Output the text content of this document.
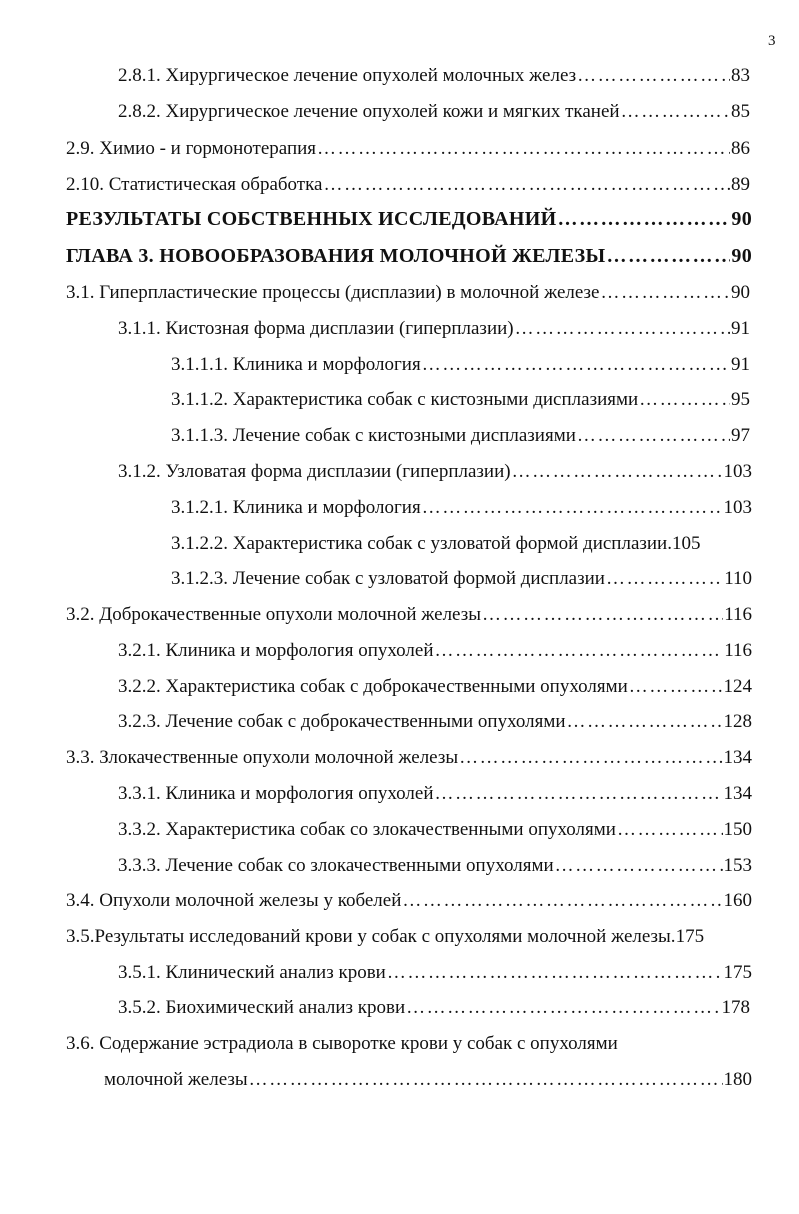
3
2.8.1. Хирургическое лечение опухолей молочных желез ………………………………………………………………………………………………………………………………………………………………………………	83
2.8.2. Хирургическое лечение опухолей кожи и мягких тканей ………………………………………………………………………………………………………………………………………………………………………………	85
2.9. Химио - и гормонотерапия ………………………………………………………………………………………………………………………………………………………………………………	86
2.10. Статистическая обработка ………………………………………………………………………………………………………………………………………………………………………………	89
РЕЗУЛЬТАТЫ СОБСТВЕННЫХ ИССЛЕДОВАНИЙ ………………………………………………………………………………………………………………………………………………………………………………	90
ГЛАВА 3. НОВООБРАЗОВАНИЯ МОЛОЧНОЙ ЖЕЛЕЗЫ ………………………………………………………………………………………………………………………………………………………………………………	90
3.1. Гиперпластические процессы (дисплазии) в молочной железе ………………………………………………………………………………………………………………………………………………………………………………	90
3.1.1. Кистозная форма дисплазии (гиперплазии) ………………………………………………………………………………………………………………………………………………………………………………	91
3.1.1.1. Клиника и морфология ………………………………………………………………………………………………………………………………………………………………………………	91
3.1.1.2. Характеристика собак с кистозными дисплазиями ………………………………………………………………………………………………………………………………………………………………………………	95
3.1.1.3. Лечение собак с кистозными дисплазиями ………………………………………………………………………………………………………………………………………………………………………………	97
3.1.2. Узловатая форма дисплазии (гиперплазии) ………………………………………………………………………………………………………………………………………………………………………………	103
3.1.2.1. Клиника и морфология ………………………………………………………………………………………………………………………………………………………………………………	103
3.1.2.2. Характеристика собак с узловатой формой дисплазии. 105
3.1.2.3. Лечение собак с узловатой формой дисплазии ………………………………………………………………………………………………………………………………………………………………………………	110
3.2. Доброкачественные опухоли молочной железы ………………………………………………………………………………………………………………………………………………………………………………	116
3.2.1. Клиника и морфология опухолей ………………………………………………………………………………………………………………………………………………………………………………	116
3.2.2. Характеристика собак с доброкачественными опухолями ………………………………………………………………………………………………………………………………………………………………………………	124
3.2.3. Лечение собак с доброкачественными опухолями ………………………………………………………………………………………………………………………………………………………………………………	128
3.3. Злокачественные опухоли молочной железы ………………………………………………………………………………………………………………………………………………………………………………	134
3.3.1. Клиника и морфология опухолей ………………………………………………………………………………………………………………………………………………………………………………	134
3.3.2. Характеристика собак со злокачественными опухолями ………………………………………………………………………………………………………………………………………………………………………………	150
3.3.3. Лечение собак со злокачественными опухолями ………………………………………………………………………………………………………………………………………………………………………………	153
3.4. Опухоли молочной железы у кобелей ………………………………………………………………………………………………………………………………………………………………………………	160
3.5.Результаты исследований крови у собак с опухолями молочной железы. 175
3.5.1. Клинический анализ крови ………………………………………………………………………………………………………………………………………………………………………………	175
3.5.2. Биохимический анализ крови ………………………………………………………………………………………………………………………………………………………………………………	178
3.6. Содержание эстрадиола в сыворотке крови у собак с опухолями
молочной железы ………………………………………………………………………………………………………………………………………………………………………………	180
